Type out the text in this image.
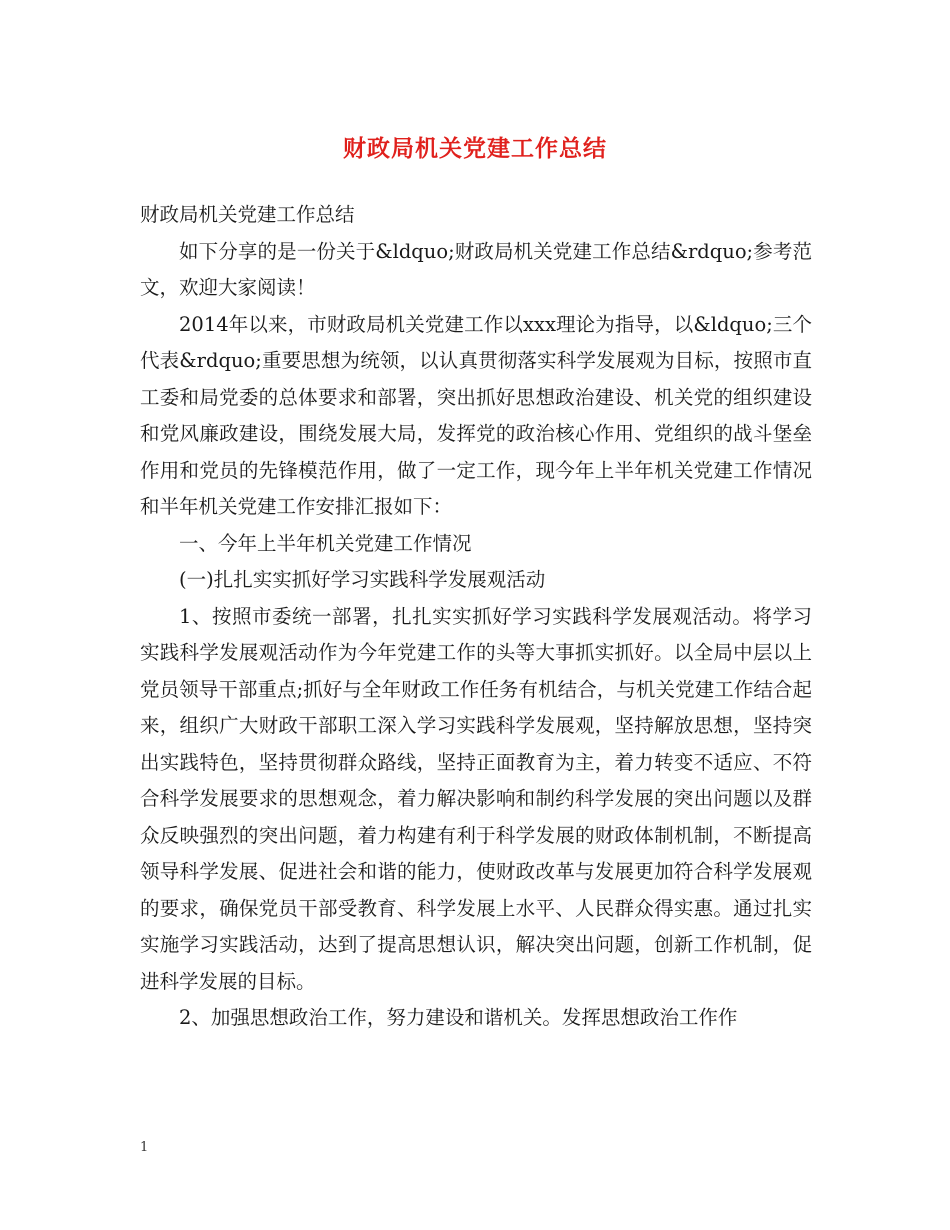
财政局机关党建工作总结

财政局机关党建工作总结

如下分享的是一份关于&ldquo;财政局机关党建工作总结&rdquo;参考范文，欢迎大家阅读！

2014年以来，市财政局机关党建工作以xxx理论为指导，以&ldquo;三个代表&rdquo;重要思想为统领，以认真贯彻落实科学发展观为目标，按照市直工委和局党委的总体要求和部署，突出抓好思想政治建设、机关党的组织建设和党风廉政建设，围绕发展大局，发挥党的政治核心作用、党组织的战斗堡垒作用和党员的先锋模范作用，做了一定工作，现今年上半年机关党建工作情况和半年机关党建工作安排汇报如下：

一、今年上半年机关党建工作情况

(一)扎扎实实抓好学习实践科学发展观活动

1、按照市委统一部署，扎扎实实抓好学习实践科学发展观活动。将学习实践科学发展观活动作为今年党建工作的头等大事抓实抓好。以全局中层以上党员领导干部重点;抓好与全年财政工作任务有机结合，与机关党建工作结合起来，组织广大财政干部职工深入学习实践科学发展观，坚持解放思想，坚持突出实践特色，坚持贯彻群众路线，坚持正面教育为主，着力转变不适应、不符合科学发展要求的思想观念，着力解决影响和制约科学发展的突出问题以及群众反映强烈的突出问题，着力构建有利于科学发展的财政体制机制，不断提高领导科学发展、促进社会和谐的能力，使财政改革与发展更加符合科学发展观的要求，确保党员干部受教育、科学发展上水平、人民群众得实惠。通过扎实实施学习实践活动，达到了提高思想认识，解决突出问题，创新工作机制，促进科学发展的目标。

2、加强思想政治工作，努力建设和谐机关。发挥思想政治工作作

1
